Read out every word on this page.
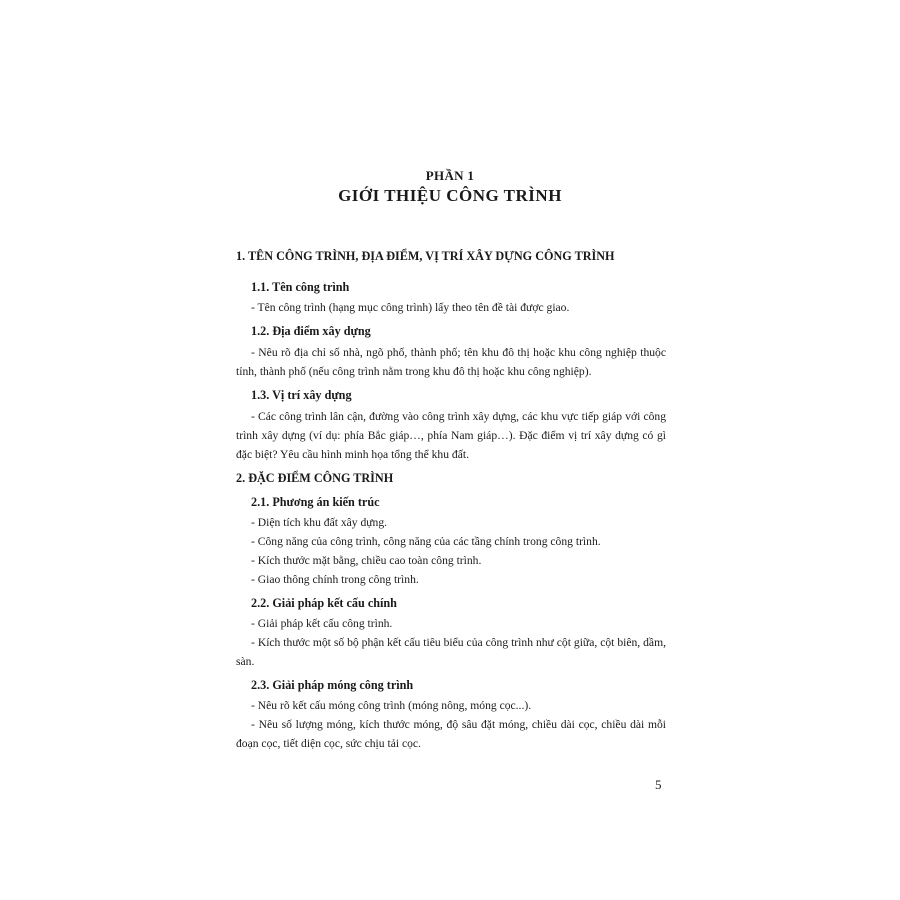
PHẦN 1
GIỚI THIỆU CÔNG TRÌNH
1. TÊN CÔNG TRÌNH, ĐỊA ĐIỂM, VỊ TRÍ XÂY DỰNG CÔNG TRÌNH
1.1. Tên công trình
- Tên công trình (hạng mục công trình) lấy theo tên đề tài được giao.
1.2. Địa điểm xây dựng
- Nêu rõ địa chỉ số nhà, ngõ phố, thành phố; tên khu đô thị hoặc khu công nghiệp thuộc tỉnh, thành phố (nếu công trình nằm trong khu đô thị hoặc khu công nghiệp).
1.3. Vị trí xây dựng
- Các công trình lân cận, đường vào công trình xây dựng, các khu vực tiếp giáp với công trình xây dựng (ví dụ: phía Bắc giáp…, phía Nam giáp…). Đặc điểm vị trí xây dựng có gì đặc biệt? Yêu cầu hình minh họa tổng thể khu đất.
2. ĐẶC ĐIỂM CÔNG TRÌNH
2.1. Phương án kiến trúc
- Diện tích khu đất xây dựng.
- Công năng của công trình, công năng của các tầng chính trong công trình.
- Kích thước mặt bằng, chiều cao toàn công trình.
- Giao thông chính trong công trình.
2.2. Giải pháp kết cấu chính
- Giải pháp kết cấu công trình.
- Kích thước một số bộ phận kết cấu tiêu biểu của công trình như cột giữa, cột biên, dầm, sàn.
2.3. Giải pháp móng công trình
- Nêu rõ kết cấu móng công trình (móng nông, móng cọc...).
- Nêu số lượng móng, kích thước móng, độ sâu đặt móng, chiều dài cọc, chiều dài mỗi đoạn cọc, tiết diện cọc, sức chịu tải cọc.
5
